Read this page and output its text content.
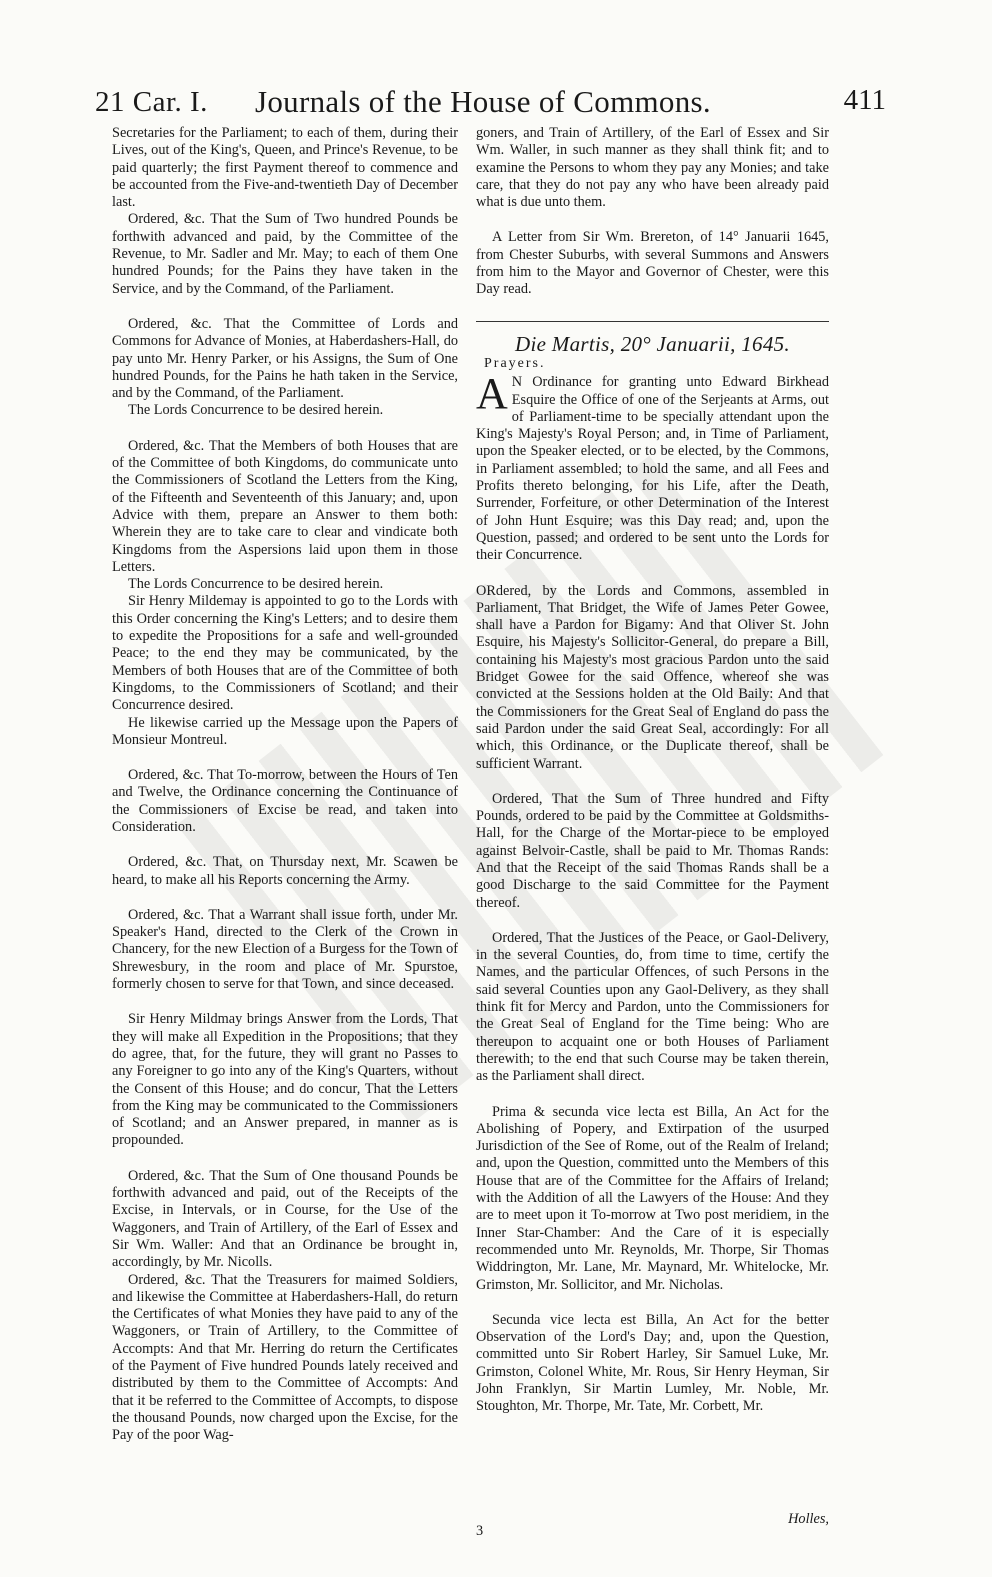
21 Car. I. Journals of the House of Commons.	411

Secretaries for the Parliament; to each of them, during their Lives, out of the King's, Queen, and Prince's Revenue, to be paid quarterly; the first Payment thereof to commence and be accounted from the Five-and-twentieth Day of December last.

Ordered, &c. That the Sum of Two hundred Pounds be forthwith advanced and paid, by the Committee of the Revenue, to Mr. Sadler and Mr. May; to each of them One hundred Pounds; for the Pains they have taken in the Service, and by the Command, of the Parliament.

Ordered, &c. That the Committee of Lords and Commons for Advance of Monies, at Haberdashers-Hall, do pay unto Mr. Henry Parker, or his Assigns, the Sum of One hundred Pounds, for the Pains he hath taken in the Service, and by the Command, of the Parliament.

The Lords Concurrence to be desired herein.

Ordered, &c. That the Members of both Houses that are of the Committee of both Kingdoms, do communicate unto the Commissioners of Scotland the Letters from the King, of the Fifteenth and Seventeenth of this January; and, upon Advice with them, prepare an Answer to them both: Wherein they are to take care to clear and vindicate both Kingdoms from the Aspersions laid upon them in those Letters.

The Lords Concurrence to be desired herein.

Sir Henry Mildemay is appointed to go to the Lords with this Order concerning the King's Letters; and to desire them to expedite the Propositions for a safe and well-grounded Peace; to the end they may be communicated, by the Members of both Houses that are of the Committee of both Kingdoms, to the Commissioners of Scotland; and their Concurrence desired.

He likewise carried up the Message upon the Papers of Monsieur Montreul.

Ordered, &c. That To-morrow, between the Hours of Ten and Twelve, the Ordinance concerning the Continuance of the Commissioners of Excise be read, and taken into Consideration.

Ordered, &c. That, on Thursday next, Mr. Scawen be heard, to make all his Reports concerning the Army.

Ordered, &c. That a Warrant shall issue forth, under Mr. Speaker's Hand, directed to the Clerk of the Crown in Chancery, for the new Election of a Burgess for the Town of Shrewesbury, in the room and place of Mr. Spurstoe, formerly chosen to serve for that Town, and since deceased.

Sir Henry Mildmay brings Answer from the Lords, That they will make all Expedition in the Propositions; that they do agree, that, for the future, they will grant no Passes to any Foreigner to go into any of the King's Quarters, without the Consent of this House; and do concur, That the Letters from the King may be communicated to the Commissioners of Scotland; and an Answer prepared, in manner as is propounded.

Ordered, &c. That the Sum of One thousand Pounds be forthwith advanced and paid, out of the Receipts of the Excise, in Intervals, or in Course, for the Use of the Waggoners, and Train of Artillery, of the Earl of Essex and Sir Wm. Waller: And that an Ordinance be brought in, accordingly, by Mr. Nicolls.

Ordered, &c. That the Treasurers for maimed Soldiers, and likewise the Committee at Haberdashers-Hall, do return the Certificates of what Monies they have paid to any of the Waggoners, or Train of Artillery, to the Committee of Accompts: And that Mr. Herring do return the Certificates of the Payment of Five hundred Pounds lately received and distributed by them to the Committee of Accompts: And that it be referred to the Committee of Accompts, to dispose the thousand Pounds, now charged upon the Excise, for the Pay of the poor Wag-

goners, and Train of Artillery, of the Earl of Essex and Sir Wm. Waller, in such manner as they shall think fit; and to examine the Persons to whom they pay any Monies; and take care, that they do not pay any who have been already paid what is due unto them.

A Letter from Sir Wm. Brereton, of 14° Januarii 1645, from Chester Suburbs, with several Summons and Answers from him to the Mayor and Governor of Chester, were this Day read.

Die Martis, 20° Januarii, 1645.
Prayers.

A N Ordinance for granting unto Edward Birkhead Esquire the Office of one of the Serjeants at Arms, out of Parliament-time to be specially attendant upon the King's Majesty's Royal Person; and, in Time of Parliament, upon the Speaker elected, or to be elected, by the Commons, in Parliament assembled; to hold the same, and all Fees and Profits thereto belonging, for his Life, after the Death, Surrender, Forfeiture, or other Determination of the Interest of John Hunt Esquire; was this Day read; and, upon the Question, passed; and ordered to be sent unto the Lords for their Concurrence.

ORdered, by the Lords and Commons, assembled in Parliament, That Bridget, the Wife of James Peter Gowee, shall have a Pardon for Bigamy: And that Oliver St. John Esquire, his Majesty's Sollicitor-General, do prepare a Bill, containing his Majesty's most gracious Pardon unto the said Bridget Gowee for the said Offence, whereof she was convicted at the Sessions holden at the Old Baily: And that the Commissioners for the Great Seal of England do pass the said Pardon under the said Great Seal, accordingly: For all which, this Ordinance, or the Duplicate thereof, shall be sufficient Warrant.

Ordered, That the Sum of Three hundred and Fifty Pounds, ordered to be paid by the Committee at Goldsmiths-Hall, for the Charge of the Mortar-piece to be employed against Belvoir-Castle, shall be paid to Mr. Thomas Rands: And that the Receipt of the said Thomas Rands shall be a good Discharge to the said Committee for the Payment thereof.

Ordered, That the Justices of the Peace, or Gaol-Delivery, in the several Counties, do, from time to time, certify the Names, and the particular Offences, of such Persons in the said several Counties upon any Gaol-Delivery, as they shall think fit for Mercy and Pardon, unto the Commissioners for the Great Seal of England for the Time being: Who are thereupon to acquaint one or both Houses of Parliament therewith; to the end that such Course may be taken therein, as the Parliament shall direct.

Prima & secunda vice lecta est Billa, An Act for the Abolishing of Popery, and Extirpation of the usurped Jurisdiction of the See of Rome, out of the Realm of Ireland; and, upon the Question, committed unto the Members of this House that are of the Committee for the Affairs of Ireland; with the Addition of all the Lawyers of the House: And they are to meet upon it To-morrow at Two post meridiem, in the Inner Star-Chamber: And the Care of it is especially recommended unto Mr. Reynolds, Mr. Thorpe, Sir Thomas Widdrington, Mr. Lane, Mr. Maynard, Mr. Whitelocke, Mr. Grimston, Mr. Sollicitor, and Mr. Nicholas.

Secunda vice lecta est Billa, An Act for the better Observation of the Lord's Day; and, upon the Question, committed unto Sir Robert Harley, Sir Samuel Luke, Mr. Grimston, Colonel White, Mr. Rous, Sir Henry Heyman, Sir John Franklyn, Sir Martin Lumley, Mr. Noble, Mr. Stoughton, Mr. Thorpe, Mr. Tate, Mr. Corbett, Mr.

3
Holles,
